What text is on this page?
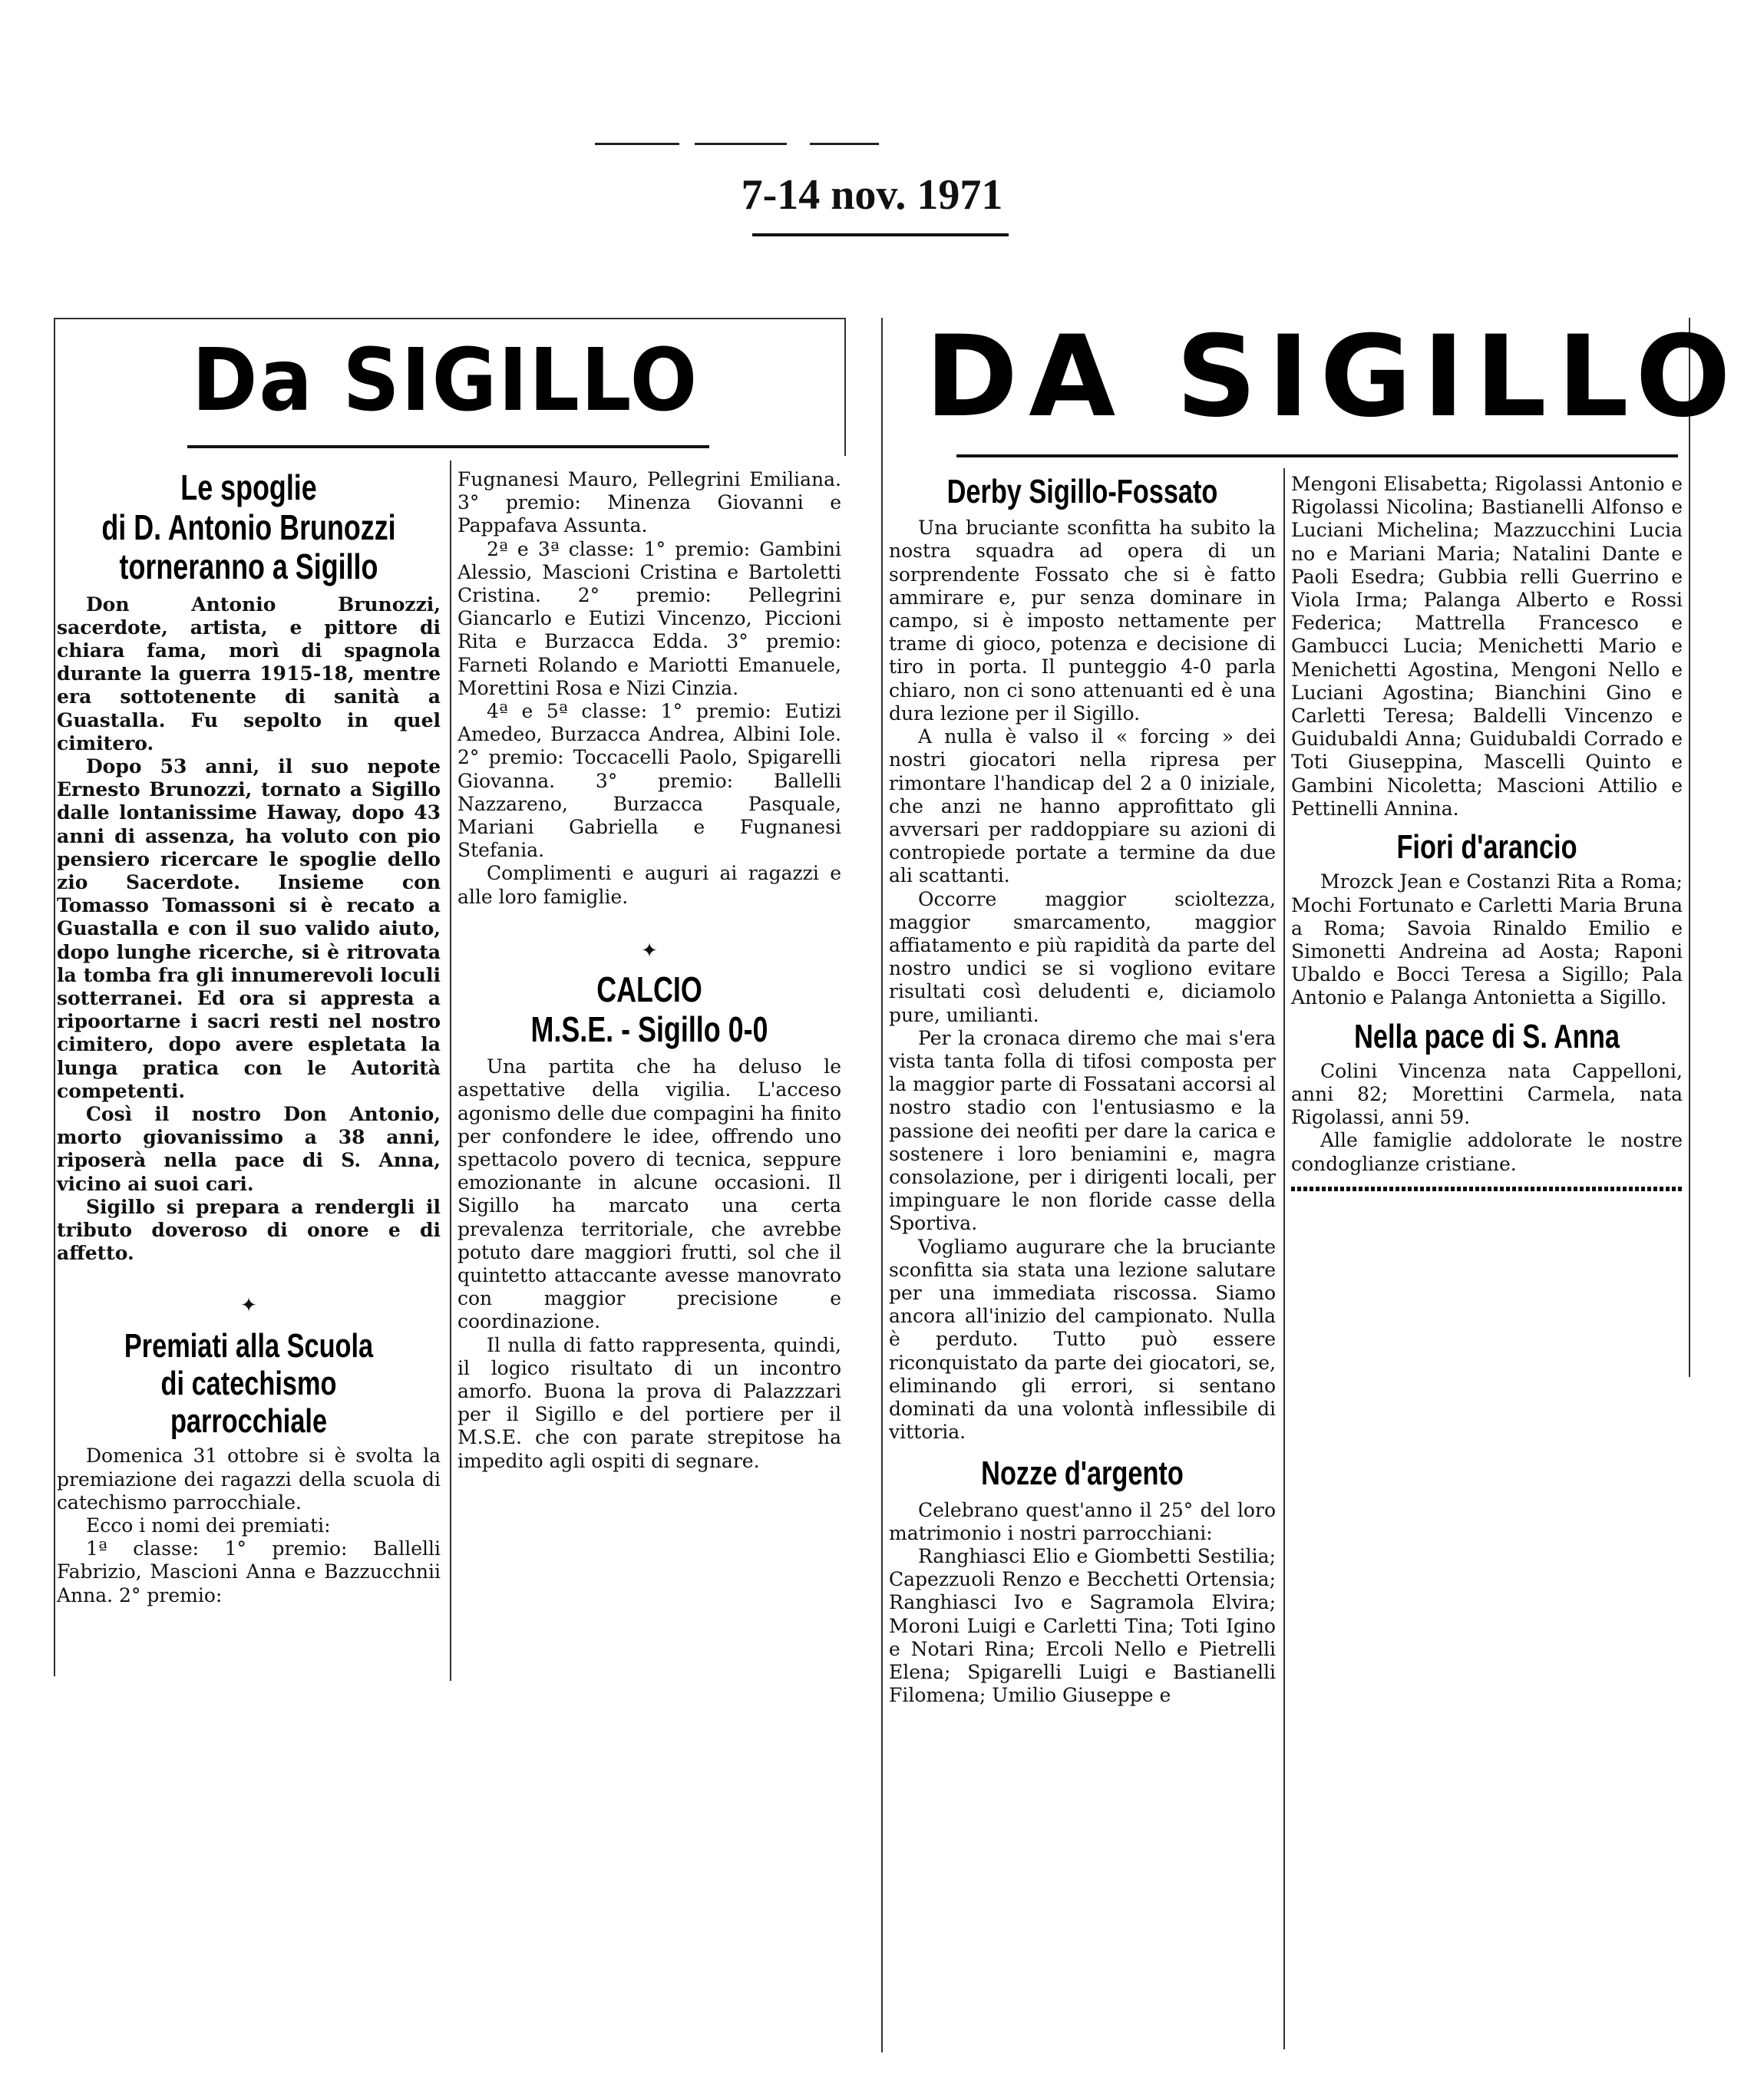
7-14 nov. 1971
Da SIGILLO
Le spoglie
di D. Antonio Brunozzi
torneranno a Sigillo

Don Antonio Brunozzi, sacerdote, artista, e pittore di chiara fama, morì di spagnola durante la guerra 1915-18, mentre era sottotenente di sanità a Guastalla. Fu sepolto in quel cimitero.

Dopo 53 anni, il suo nepote Ernesto Brunozzi, tornato a Sigillo dalle lontanissime Haway, dopo 43 anni di assenza, ha voluto con pio pensiero ricercare le spoglie dello zio Sacerdote. Insieme con Tomasso Tomassoni si è recato a Guastalla e con il suo valido aiuto, dopo lunghe ricerche, si è ritrovata la tomba fra gli innumerevoli loculi sotterranei. Ed ora si appresta a ripoortarne i sacri resti nel nostro cimitero, dopo avere espletata la lunga pratica con le Autorità competenti.

Così il nostro Don Antonio, morto giovanissimo a 38 anni, riposerà nella pace di S. Anna, vicino ai suoi cari.

Sigillo si prepara a rendergli il tributo doveroso di onore e di affetto.

✦
Premiati alla Scuola
di catechismo parrocchiale

Domenica 31 ottobre si è svolta la premiazione dei ragazzi della scuola di catechismo parrocchiale.

Ecco i nomi dei premiati:

1ª classe: 1° premio: Ballelli Fabrizio, Mascioni Anna e Bazzucchnii Anna. 2° premio:

Fugnanesi Mauro, Pellegrini Emiliana. 3° premio: Minenza Giovanni e Pappafava Assunta.

2ª e 3ª classe: 1° premio: Gambini Alessio, Mascioni Cristina e Bartoletti Cristina. 2° premio: Pellegrini Giancarlo e Eutizi Vincenzo, Piccioni Rita e Burzacca Edda. 3° premio: Farneti Rolando e Mariotti Emanuele, Morettini Rosa e Nizi Cinzia.

4ª e 5ª classe: 1° premio: Eutizi Amedeo, Burzacca Andrea, Albini Iole. 2° premio: Toccacelli Paolo, Spigarelli Giovanna. 3° premio: Ballelli Nazzareno, Burzacca Pasquale, Mariani Gabriella e Fugnanesi Stefania.

Complimenti e auguri ai ragazzi e alle loro famiglie.

✦
CALCIO
M.S.E. - Sigillo 0-0

Una partita che ha deluso le aspettative della vigilia. L'acceso agonismo delle due compagini ha finito per confondere le idee, offrendo uno spettacolo povero di tecnica, seppure emozionante in alcune occasioni. Il Sigillo ha marcato una certa prevalenza territoriale, che avrebbe potuto dare maggiori frutti, sol che il quintetto attaccante avesse manovrato con maggior precisione e coordinazione.

Il nulla di fatto rappresenta, quindi, il logico risultato di un incontro amorfo. Buona la prova di Palazzzari per il Sigillo e del portiere per il M.S.E. che con parate strepitose ha impedito agli ospiti di segnare.

DA SIGILLO
Derby Sigillo-Fossato

Una bruciante sconfitta ha subito la nostra squadra ad opera di un sorprendente Fossato che si è fatto ammirare e, pur senza dominare in campo, si è imposto nettamente per trame di gioco, potenza e decisione di tiro in porta. Il punteggio 4-0 parla chiaro, non ci sono attenuanti ed è una dura lezione per il Sigillo.

A nulla è valso il « forcing » dei nostri giocatori nella ripresa per rimontare l'handicap del 2 a 0 iniziale, che anzi ne hanno approfittato gli avversari per raddoppiare su azioni di contropiede portate a termine da due ali scattanti.

Occorre maggior scioltezza, maggior smarcamento, maggior affiatamento e più rapidità da parte del nostro undici se si vogliono evitare risultati così deludenti e, diciamolo pure, umilianti.

Per la cronaca diremo che mai s'era vista tanta folla di tifosi composta per la maggior parte di Fossatani accorsi al nostro stadio con l'entusiasmo e la passione dei neofiti per dare la carica e sostenere i loro beniamini e, magra consolazione, per i dirigenti locali, per impinguare le non floride casse della Sportiva.

Vogliamo augurare che la bruciante sconfitta sia stata una lezione salutare per una immediata riscossa. Siamo ancora all'inizio del campionato. Nulla è perduto. Tutto può essere riconquistato da parte dei giocatori, se, eliminando gli errori, si sentano dominati da una volontà inflessibile di vittoria.

Nozze d'argento

Celebrano quest'anno il 25° del loro matrimonio i nostri parrocchiani:

Ranghiasci Elio e Giombetti Sestilia; Capezzuoli Renzo e Becchetti Ortensia; Ranghiasci Ivo e Sagramola Elvira; Moroni Luigi e Carletti Tina; Toti Igino e Notari Rina; Ercoli Nello e Pietrelli Elena; Spigarelli Luigi e Bastianelli Filomena; Umilio Giuseppe e

Mengoni Elisabetta; Rigolassi Antonio e Rigolassi Nicolina; Bastianelli Alfonso e Luciani Michelina; Mazzucchini Lucia no e Mariani Maria; Natalini Dante e Paoli Esedra; Gubbia relli Guerrino e Viola Irma; Palanga Alberto e Rossi Federica; Mattrella Francesco e Gambucci Lucia; Menichetti Mario e Menichetti Agostina, Mengoni Nello e Luciani Agostina; Bianchini Gino e Carletti Teresa; Baldelli Vincenzo e Guidubaldi Anna; Guidubaldi Corrado e Toti Giuseppina, Mascelli Quinto e Gambini Nicoletta; Mascioni Attilio e Pettinelli Annina.

Fiori d'arancio

Mrozck Jean e Costanzi Rita a Roma; Mochi Fortunato e Carletti Maria Bruna a Roma; Savoia Rinaldo Emilio e Simonetti Andreina ad Aosta; Raponi Ubaldo e Bocci Teresa a Sigillo; Pala Antonio e Palanga Antonietta a Sigillo.

Nella pace di S. Anna

Colini Vincenza nata Cappelloni, anni 82; Morettini Carmela, nata Rigolassi, anni 59.

Alle famiglie addolorate le nostre condoglianze cristiane.
